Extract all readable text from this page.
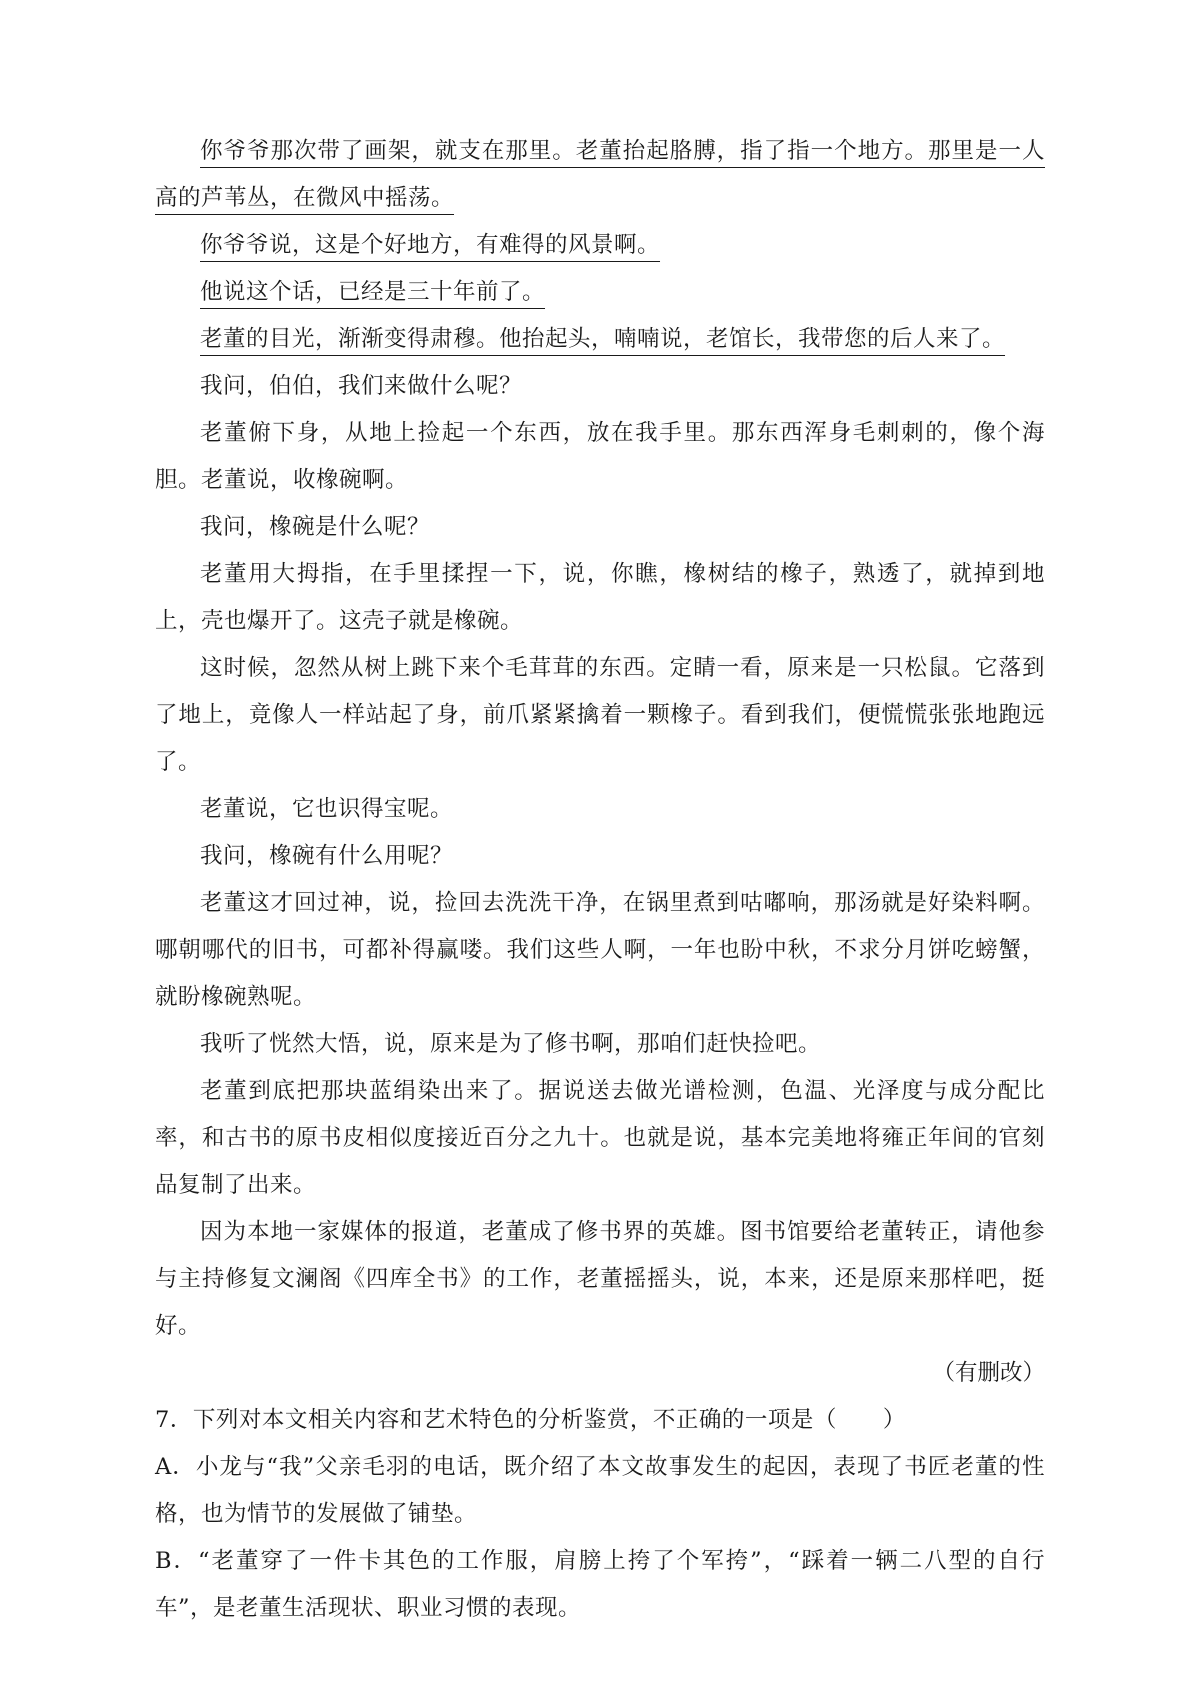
你爷爷那次带了画架，就支在那里。老董抬起胳膊，指了指一个地方。那里是一人高的芦苇丛，在微风中摇荡。

你爷爷说，这是个好地方，有难得的风景啊。

他说这个话，已经是三十年前了。

老董的目光，渐渐变得肃穆。他抬起头，喃喃说，老馆长，我带您的后人来了。

我问，伯伯，我们来做什么呢？

老董俯下身，从地上捡起一个东西，放在我手里。那东西浑身毛刺刺的，像个海胆。老董说，收橡碗啊。

我问，橡碗是什么呢？

老董用大拇指，在手里揉捏一下，说，你瞧，橡树结的橡子，熟透了，就掉到地上，壳也爆开了。这壳子就是橡碗。

这时候，忽然从树上跳下来个毛茸茸的东西。定睛一看，原来是一只松鼠。它落到了地上，竟像人一样站起了身，前爪紧紧擒着一颗橡子。看到我们，便慌慌张张地跑远了。

老董说，它也识得宝呢。

我问，橡碗有什么用呢？

老董这才回过神，说，捡回去洗洗干净，在锅里煮到咕嘟响，那汤就是好染料啊。哪朝哪代的旧书，可都补得赢喽。我们这些人啊，一年也盼中秋，不求分月饼吃螃蟹，就盼橡碗熟呢。

我听了恍然大悟，说，原来是为了修书啊，那咱们赶快捡吧。

老董到底把那块蓝绢染出来了。据说送去做光谱检测，色温、光泽度与成分配比率，和古书的原书皮相似度接近百分之九十。也就是说，基本完美地将雍正年间的官刻品复制了出来。

因为本地一家媒体的报道，老董成了修书界的英雄。图书馆要给老董转正，请他参与主持修复文澜阁《四库全书》的工作，老董摇摇头，说，本来，还是原来那样吧，挺好。

（有删改）

7．下列对本文相关内容和艺术特色的分析鉴赏，不正确的一项是（　　）

A．小龙与“我”父亲毛羽的电话，既介绍了本文故事发生的起因，表现了书匠老董的性格，也为情节的发展做了铺垫。

B．“老董穿了一件卡其色的工作服，肩膀上挎了个军挎”，“踩着一辆二八型的自行车”，是老董生活现状、职业习惯的表现。
